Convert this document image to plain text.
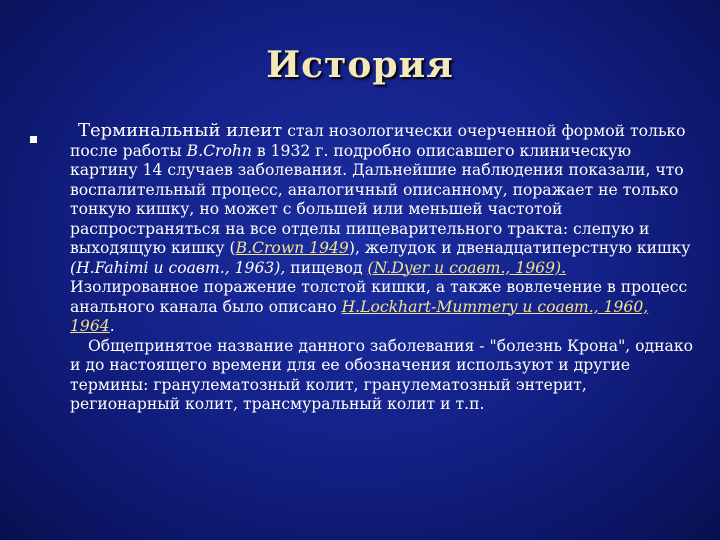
История

Терминальный илеит стал нозологически очерченной формой только после работы B.Crohn в 1932 г. подробно описавшего клиническую картину 14 случаев заболевания. Дальнейшие наблюдения показали, что воспалительный процесс, аналогичный описанному, поражает не только тонкую кишку, но может с большей или меньшей частотой распространяться на все отделы пищеварительного тракта: слепую и выходящую кишку (B.Crown 1949), желудок и двенадцатиперстную кишку (H.Fahimi и соавт., 1963), пищевод (N.Dyer и соавт., 1969). Изолированное поражение толстой кишки, а также вовлечение в процесс анального канала было описано H.Lockhart-Mummery и соавт., 1960, 1964.
Общепринятое название данного заболевания - "болезнь Крона", однако и до настоящего времени для ее обозначения используют и другие термины: гранулематозный колит, гранулематозный энтерит, регионарный колит, трансмуральный колит и т.п.
